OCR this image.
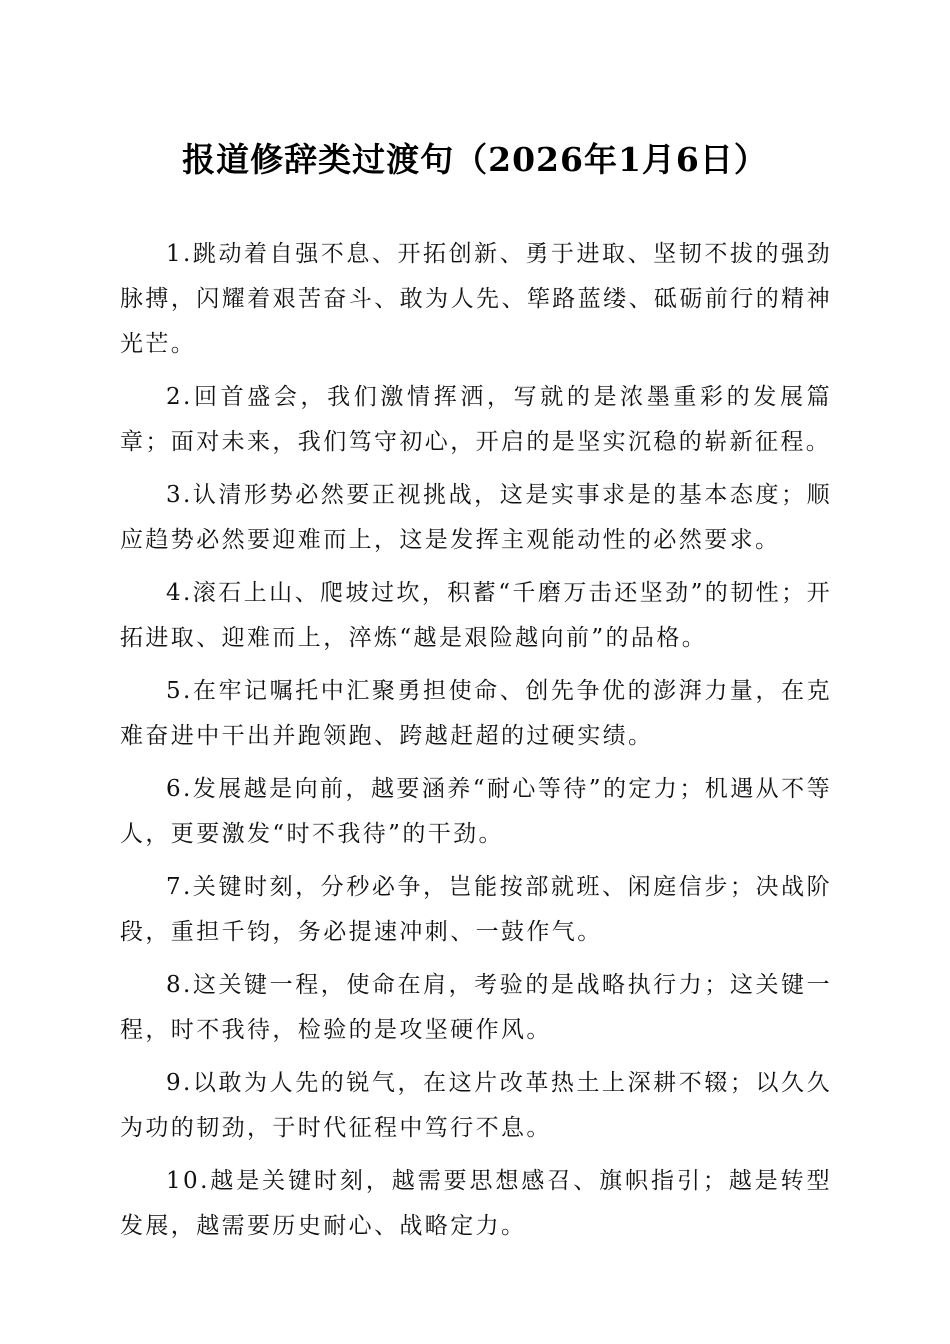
报道修辞类过渡句（2026年1月6日）

1.跳动着自强不息、开拓创新、勇于进取、坚韧不拔的强劲脉搏，闪耀着艰苦奋斗、敢为人先、筚路蓝缕、砥砺前行的精神光芒。

2.回首盛会，我们激情挥洒，写就的是浓墨重彩的发展篇章；面对未来，我们笃守初心，开启的是坚实沉稳的崭新征程。

3.认清形势必然要正视挑战，这是实事求是的基本态度；顺应趋势必然要迎难而上，这是发挥主观能动性的必然要求。

4.滚石上山、爬坡过坎，积蓄“千磨万击还坚劲”的韧性；开拓进取、迎难而上，淬炼“越是艰险越向前”的品格。

5.在牢记嘱托中汇聚勇担使命、创先争优的澎湃力量，在克难奋进中干出并跑领跑、跨越赶超的过硬实绩。

6.发展越是向前，越要涵养“耐心等待”的定力；机遇从不等人，更要激发“时不我待”的干劲。

7.关键时刻，分秒必争，岂能按部就班、闲庭信步；决战阶段，重担千钧，务必提速冲刺、一鼓作气。

8.这关键一程，使命在肩，考验的是战略执行力；这关键一程，时不我待，检验的是攻坚硬作风。

9.以敢为人先的锐气，在这片改革热土上深耕不辍；以久久为功的韧劲，于时代征程中笃行不息。

10.越是关键时刻，越需要思想感召、旗帜指引；越是转型发展，越需要历史耐心、战略定力。
